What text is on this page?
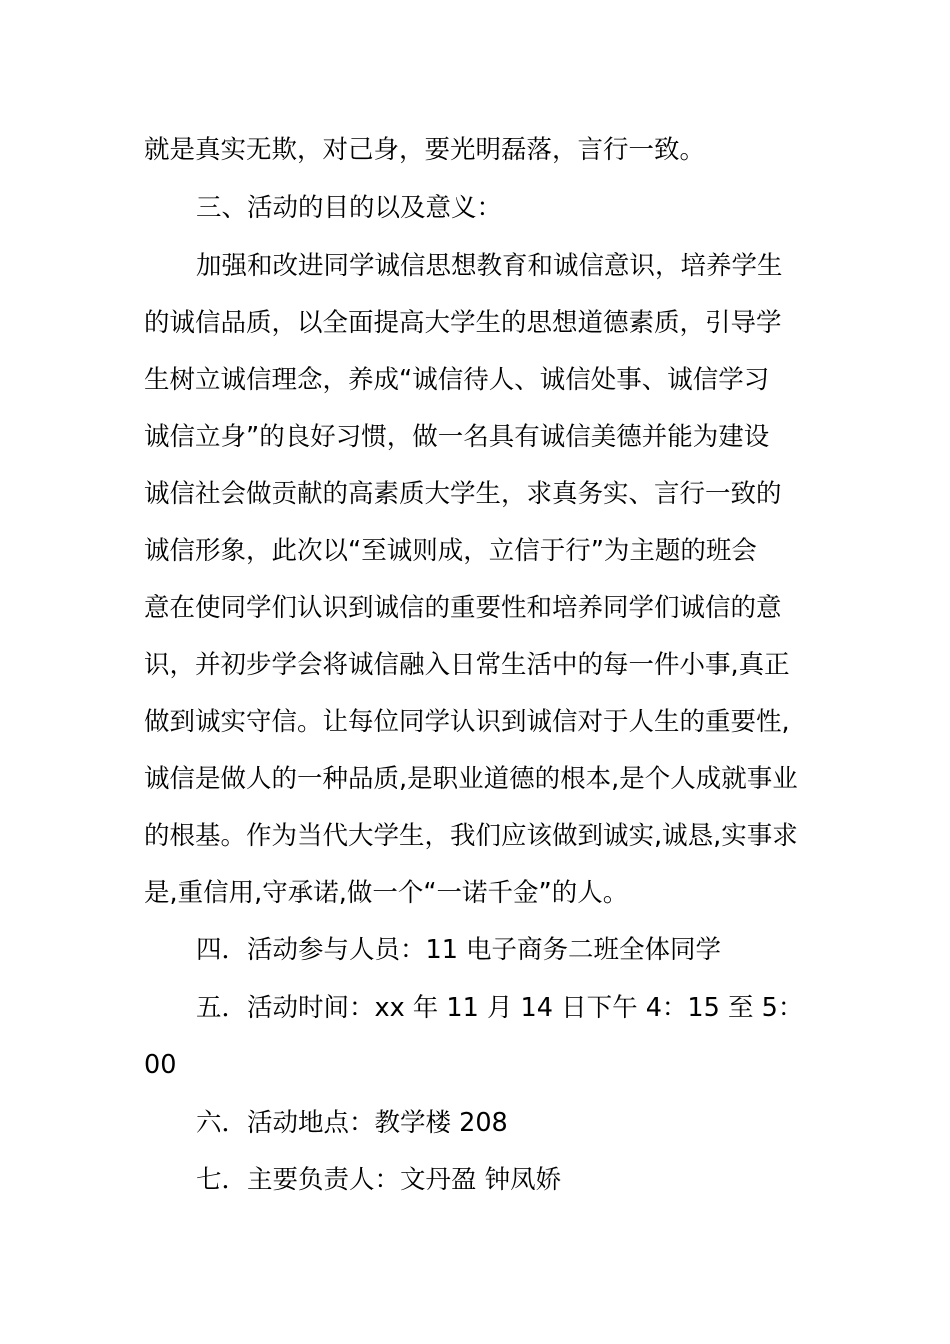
就是真实无欺，对己身，要光明磊落，言行一致。
三、活动的目的以及意义：
加强和改进同学诚信思想教育和诚信意识，培养学生
的诚信品质，以全面提高大学生的思想道德素质，引导学
生树立诚信理念，养成“诚信待人、诚信处事、诚信学习
诚信立身”的良好习惯，做一名具有诚信美德并能为建设
诚信社会做贡献的高素质大学生，求真务实、言行一致的
诚信形象，此次以“至诚则成，立信于行”为主题的班会
意在使同学们认识到诚信的重要性和培养同学们诚信的意
识，并初步学会将诚信融入日常生活中的每一件小事,真正
做到诚实守信。让每位同学认识到诚信对于人生的重要性,
诚信是做人的一种品质,是职业道德的根本,是个人成就事业
的根基。作为当代大学生，我们应该做到诚实,诚恳,实事求
是,重信用,守承诺,做一个“一诺千金”的人。
四．活动参与人员：11 电子商务二班全体同学
五．活动时间：xx 年 11 月 14 日下午 4：15 至 5：
00
六．活动地点：教学楼 208
七．主要负责人：文丹盈 钟凤娇
